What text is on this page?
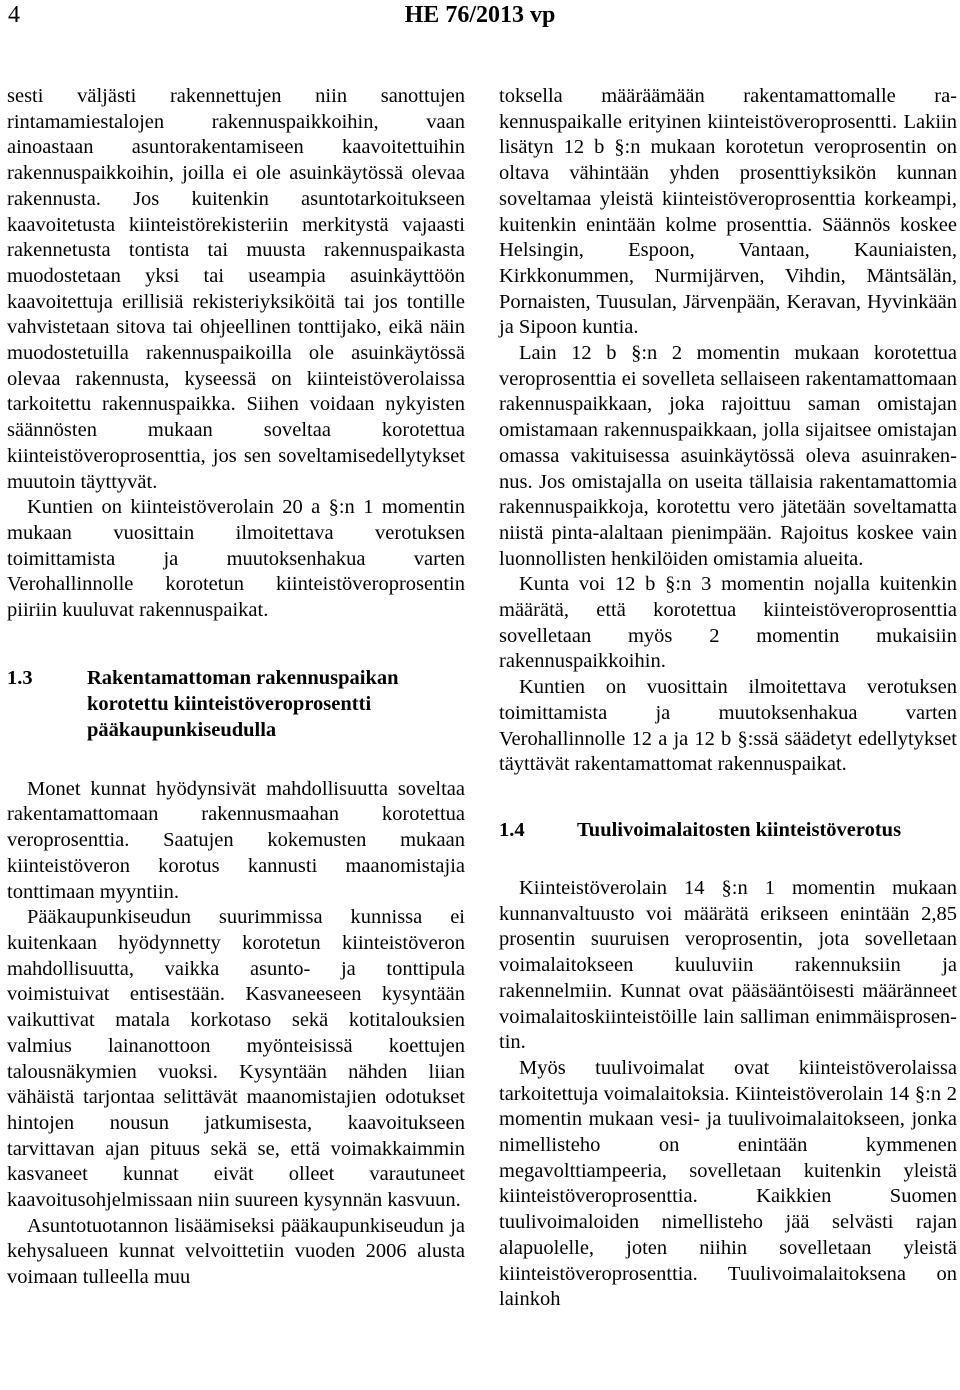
4	HE 76/2013 vp

sesti väljästi rakennettujen niin sanottujen rintamamiestalojen rakennuspaikkoihin, vaan ainoastaan asuntorakentamiseen kaavoitettuihin rakennuspaikkoihin, joilla ei ole asuinkäytössä olevaa rakennusta. Jos kuitenkin asuntotarkoitukseen kaavoitetusta kiinteistörekisteriin merkitystä vajaasti rakennetusta tontista tai muusta rakennuspaikasta muodostetaan yksi tai useampia asuinkäyttöön kaavoitettuja erillisiä rekisteriyksiköitä tai jos tontille vahvistetaan sitova tai ohjeellinen tonttijako, eikä näin muodostetuilla rakennuspaikoilla ole asuinkäytössä olevaa rakennusta, kyseessä on kiinteistöverolaissa tarkoitettu rakennuspaikka. Siihen voidaan nykyisten säännösten mukaan soveltaa korotettua kiinteistöveroprosenttia, jos sen soveltamisedellytykset muutoin täyttyvät.

Kuntien on kiinteistöverolain 20 a §:n 1 momentin mukaan vuosittain ilmoitettava verotuksen toimittamista ja muutoksenhakua varten Verohallinnolle korotetun kiinteistöveroprosentin piiriin kuuluvat rakennuspaikat.

1.3	Rakentamattoman rakennuspaikan korotettu kiinteistöveroprosentti pääkaupunkiseudulla

Monet kunnat hyödynsivät mahdollisuutta soveltaa rakentamattomaan rakennusmaahan korotettua veroprosenttia. Saatujen kokemusten mukaan kiinteistöveron korotus kannusti maanomistajia tonttimaan myyntiin.

Pääkaupunkiseudun suurimmissa kunnissa ei kuitenkaan hyödynnetty korotetun kiinteistöveron mahdollisuutta, vaikka asunto- ja tonttipula voimistuivat entisestään. Kasvaneeseen kysyntään vaikuttivat matala korkotaso sekä kotitalouksien valmius lainanottoon myönteisissä koettujen talousnäkymien vuoksi. Kysyntään nähden liian vähäistä tarjontaa selittävät maanomistajien odotukset hintojen nousun jatkumisesta, kaavoitukseen tarvittavan ajan pituus sekä se, että voimakkaimmin kasvaneet kunnat eivät olleet varautuneet kaavoitusohjelmissaan niin suureen kysynnän kasvuun.

Asuntotuotannon lisäämiseksi pääkaupunkiseudun ja kehysalueen kunnat velvoittetiin vuoden 2006 alusta voimaan tulleella muu

toksella määräämään rakentamattomalle rakennuspaikalle erityinen kiinteistöveroprosentti. Lakiin lisätyn 12 b §:n mukaan korotetun veroprosentin on oltava vähintään yhden prosenttiyksikön kunnan soveltamaa yleistä kiinteistöveroprosenttia korkeampi, kuitenkin enintään kolme prosenttia. Säännös koskee Helsingin, Espoon, Vantaan, Kauniaisten, Kirkkonummen, Nurmijärven, Vihdin, Mäntsälän, Pornaisten, Tuusulan, Järvenpään, Keravan, Hyvinkään ja Sipoon kuntia.

Lain 12 b §:n 2 momentin mukaan korotettua veroprosenttia ei sovelleta sellaiseen rakentamattomaan rakennuspaikkaan, joka rajoittuu saman omistajan omistamaan rakennuspaikkaan, jolla sijaitsee omistajan omassa vakituisessa asuinkäytössä oleva asuinrakennus. Jos omistajalla on useita tällaisia rakentamattomia rakennuspaikkoja, korotettu vero jätetään soveltamatta niistä pinta-alaltaan pienimpään. Rajoitus koskee vain luonnollisten henkilöiden omistamia alueita.

Kunta voi 12 b §:n 3 momentin nojalla kuitenkin määrätä, että korotettua kiinteistöveroprosenttia sovelletaan myös 2 momentin mukaisiin rakennuspaikkoihin.

Kuntien on vuosittain ilmoitettava verotuksen toimittamista ja muutoksenhakua varten Verohallinnolle 12 a ja 12 b §:ssä säädetyt edellytykset täyttävät rakentamattomat rakennuspaikat.

1.4	Tuulivoimalaitosten kiinteistöverotus

Kiinteistöverolain 14 §:n 1 momentin mukaan kunnanvaltuusto voi määrätä erikseen enintään 2,85 prosentin suuruisen veroprosentin, jota sovelletaan voimalaitokseen kuuluviin rakennuksiin ja rakennelmiin. Kunnat ovat pääsääntöisesti määränneet voimalaitoskiinteistöille lain salliman enimmäisprosentin.

Myös tuulivoimalat ovat kiinteistöverolaissa tarkoitettuja voimalaitoksia. Kiinteistöverolain 14 §:n 2 momentin mukaan vesi- ja tuulivoimalaitokseen, jonka nimellisteho on enintään kymmenen megavolttiampeeria, sovelletaan kuitenkin yleistä kiinteistöveroprosenttia. Kaikkien Suomen tuulivoimaloiden nimellisteho jää selvästi rajan alapuolelle, joten niihin sovelletaan yleistä kiinteistöveroprosenttia. Tuulivoimalaitoksena on lainkoh
